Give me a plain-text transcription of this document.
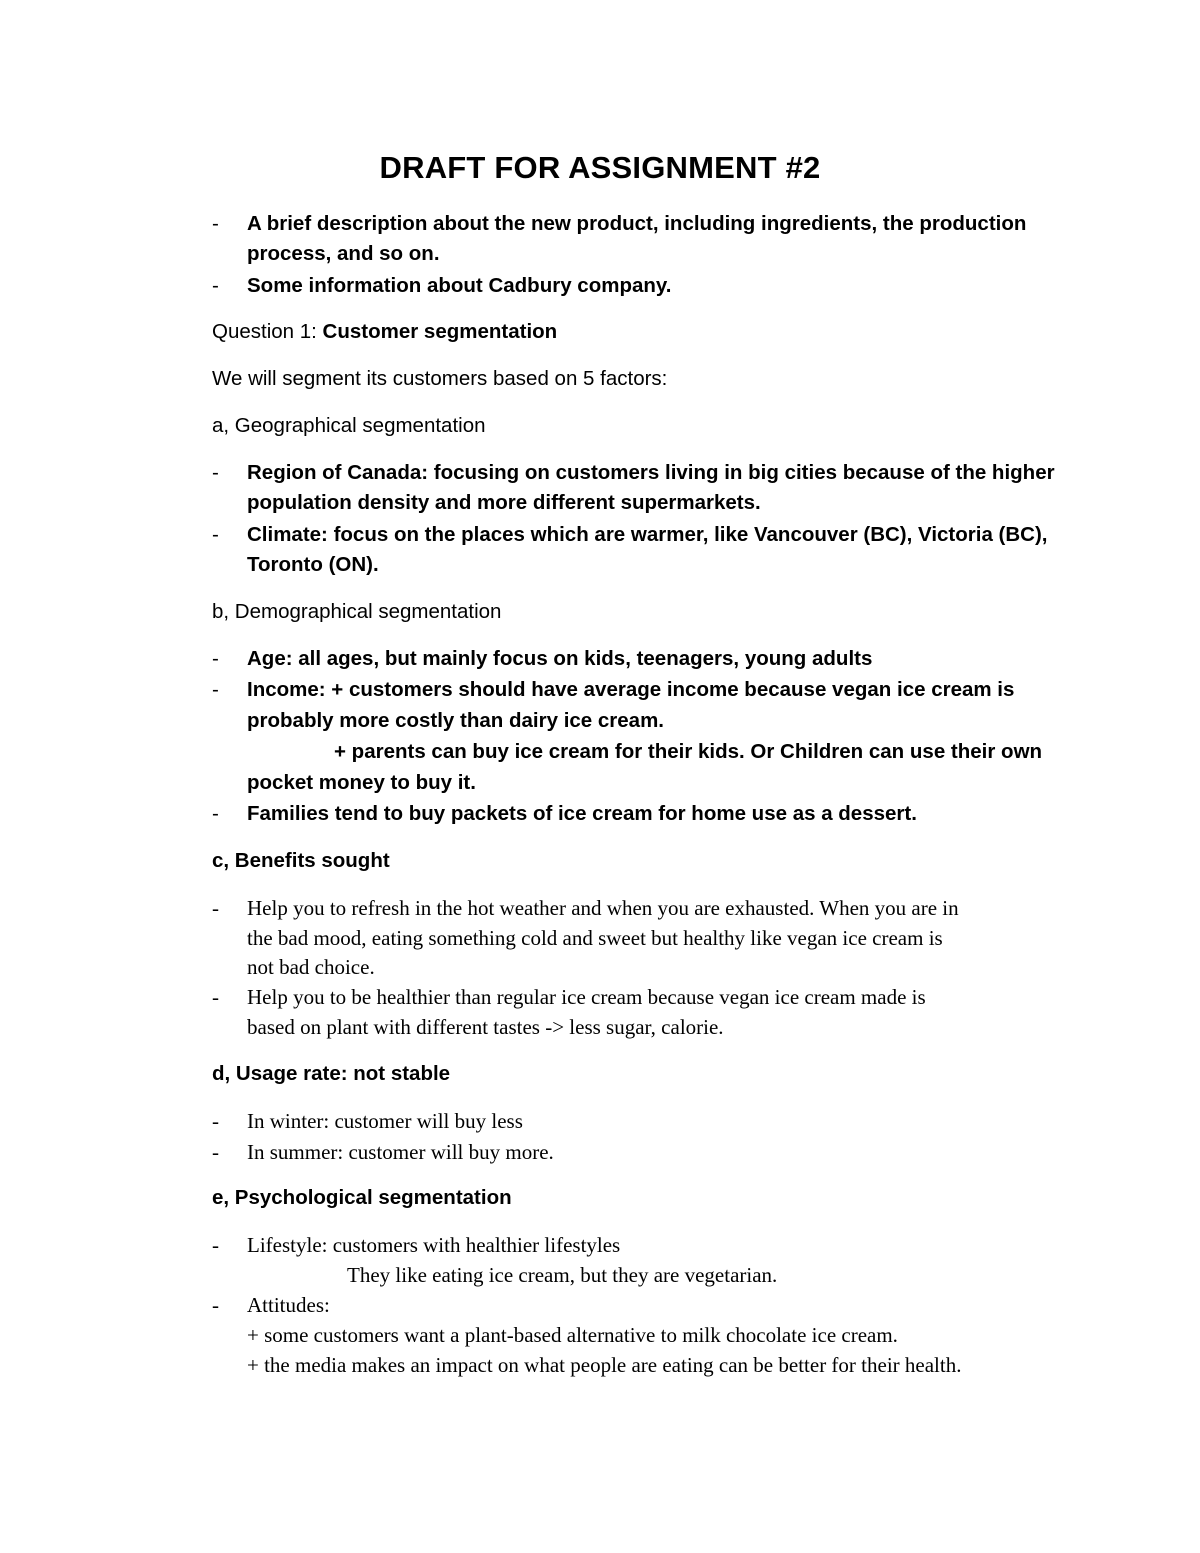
DRAFT FOR ASSIGNMENT #2
-	A brief description about the new product, including ingredients, the production
process, and so on.
-	Some information about Cadbury company.
Question 1: Customer segmentation
We will segment its customers based on 5 factors:
a, Geographical segmentation
-	Region of Canada: focusing on customers living in big cities because of the higher
population density and more different supermarkets.
-	Climate: focus on the places which are warmer, like Vancouver (BC), Victoria (BC),
Toronto (ON).
b, Demographical segmentation
-	Age: all ages, but mainly focus on kids, teenagers, young adults
-	Income: + customers should have average income because vegan ice cream is
probably more costly than dairy ice cream.
+ parents can buy ice cream for their kids. Or Children can use their own
pocket money to buy it.
-	Families tend to buy packets of ice cream for home use as a dessert.
c, Benefits sought
-	Help you to refresh in the hot weather and when you are exhausted. When you are in
the bad mood, eating something cold and sweet but healthy like vegan ice cream is
not bad choice.
-	Help you to be healthier than regular ice cream because vegan ice cream made is
based on plant with different tastes -> less sugar, calorie.
d, Usage rate: not stable
-	In winter: customer will buy less
-	In summer: customer will buy more.
e, Psychological segmentation
-	Lifestyle: customers with healthier lifestyles
They like eating ice cream, but they are vegetarian.
-	Attitudes:
+ some customers want a plant-based alternative to milk chocolate ice cream.
+ the media makes an impact on what people are eating can be better for their health.
